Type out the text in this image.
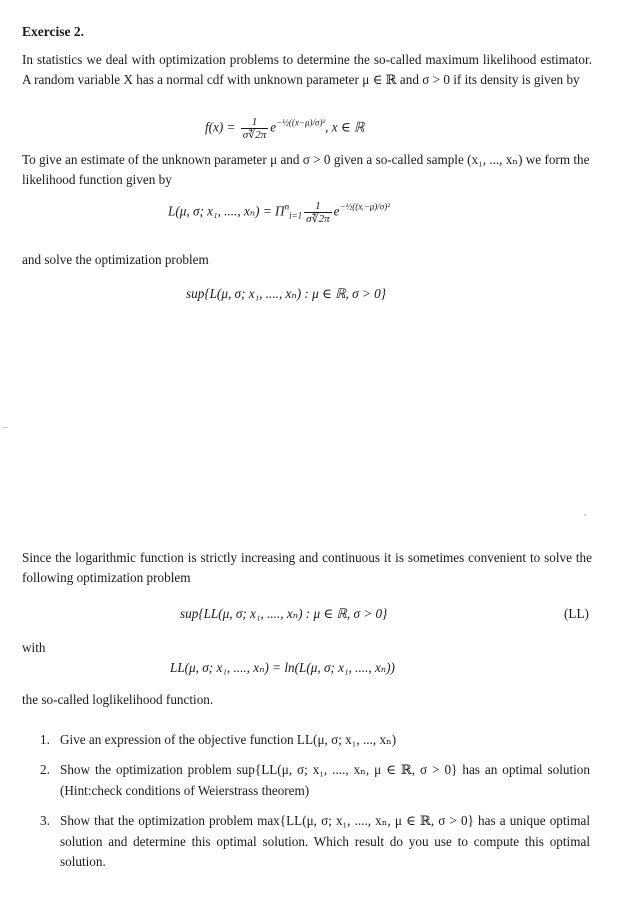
Exercise 2.
In statistics we deal with optimization problems to determine the so-called maximum likelihood estimator. A random variable X has a normal cdf with unknown parameter μ ∈ ℝ and σ > 0 if its density is given by
$f(x) = \frac{1}{\sigma∜2\pi} e^{-\frac{1}{2}((x-\mu)/\sigma)^2}$, x ∈ ℝ
To give an estimate of the unknown parameter μ and σ > 0 given a so-called sample (x₁, ..., xₙ) we form the likelihood function given by
L(μ, σ; x₁, ...., $x_n) = \Pi^n_{i=1} \frac{1}{\sigma∜2\pi} e^{-\frac{1}{2}((xᵢ-\mu)/\sigma)^2}$
and solve the optimization problem
sup{L(μ, σ; x₁, ...., xₙ) : μ ∈ ℝ, σ > 0}
Since the logarithmic function is strictly increasing and continuous it is sometimes convenient to solve the following optimization problem
sup{LL(μ, σ; x₁, ...., xₙ) : μ ∈ ℝ, σ > 0}	(LL)
with
LL(μ, σ; x₁, ...., xₙ) = ln(L(μ, σ; x₁, ...., xₙ))
the so-called loglikelihood function.
1. Give an expression of the objective function LL(μ, σ; x₁, ..., xₙ)
2. Show the optimization problem sup{LL(μ, σ; x₁, ...., xₙ, μ ∈ ℝ, σ > 0} has an optimal solution (Hint:check conditions of Weierstrass theorem)
3. Show that the optimization problem max{LL(μ, σ; x₁, ...., xₙ, μ ∈ ℝ, σ > 0} has a unique optimal solution and determine this optimal solution. Which result do you use to compute this optimal solution.
